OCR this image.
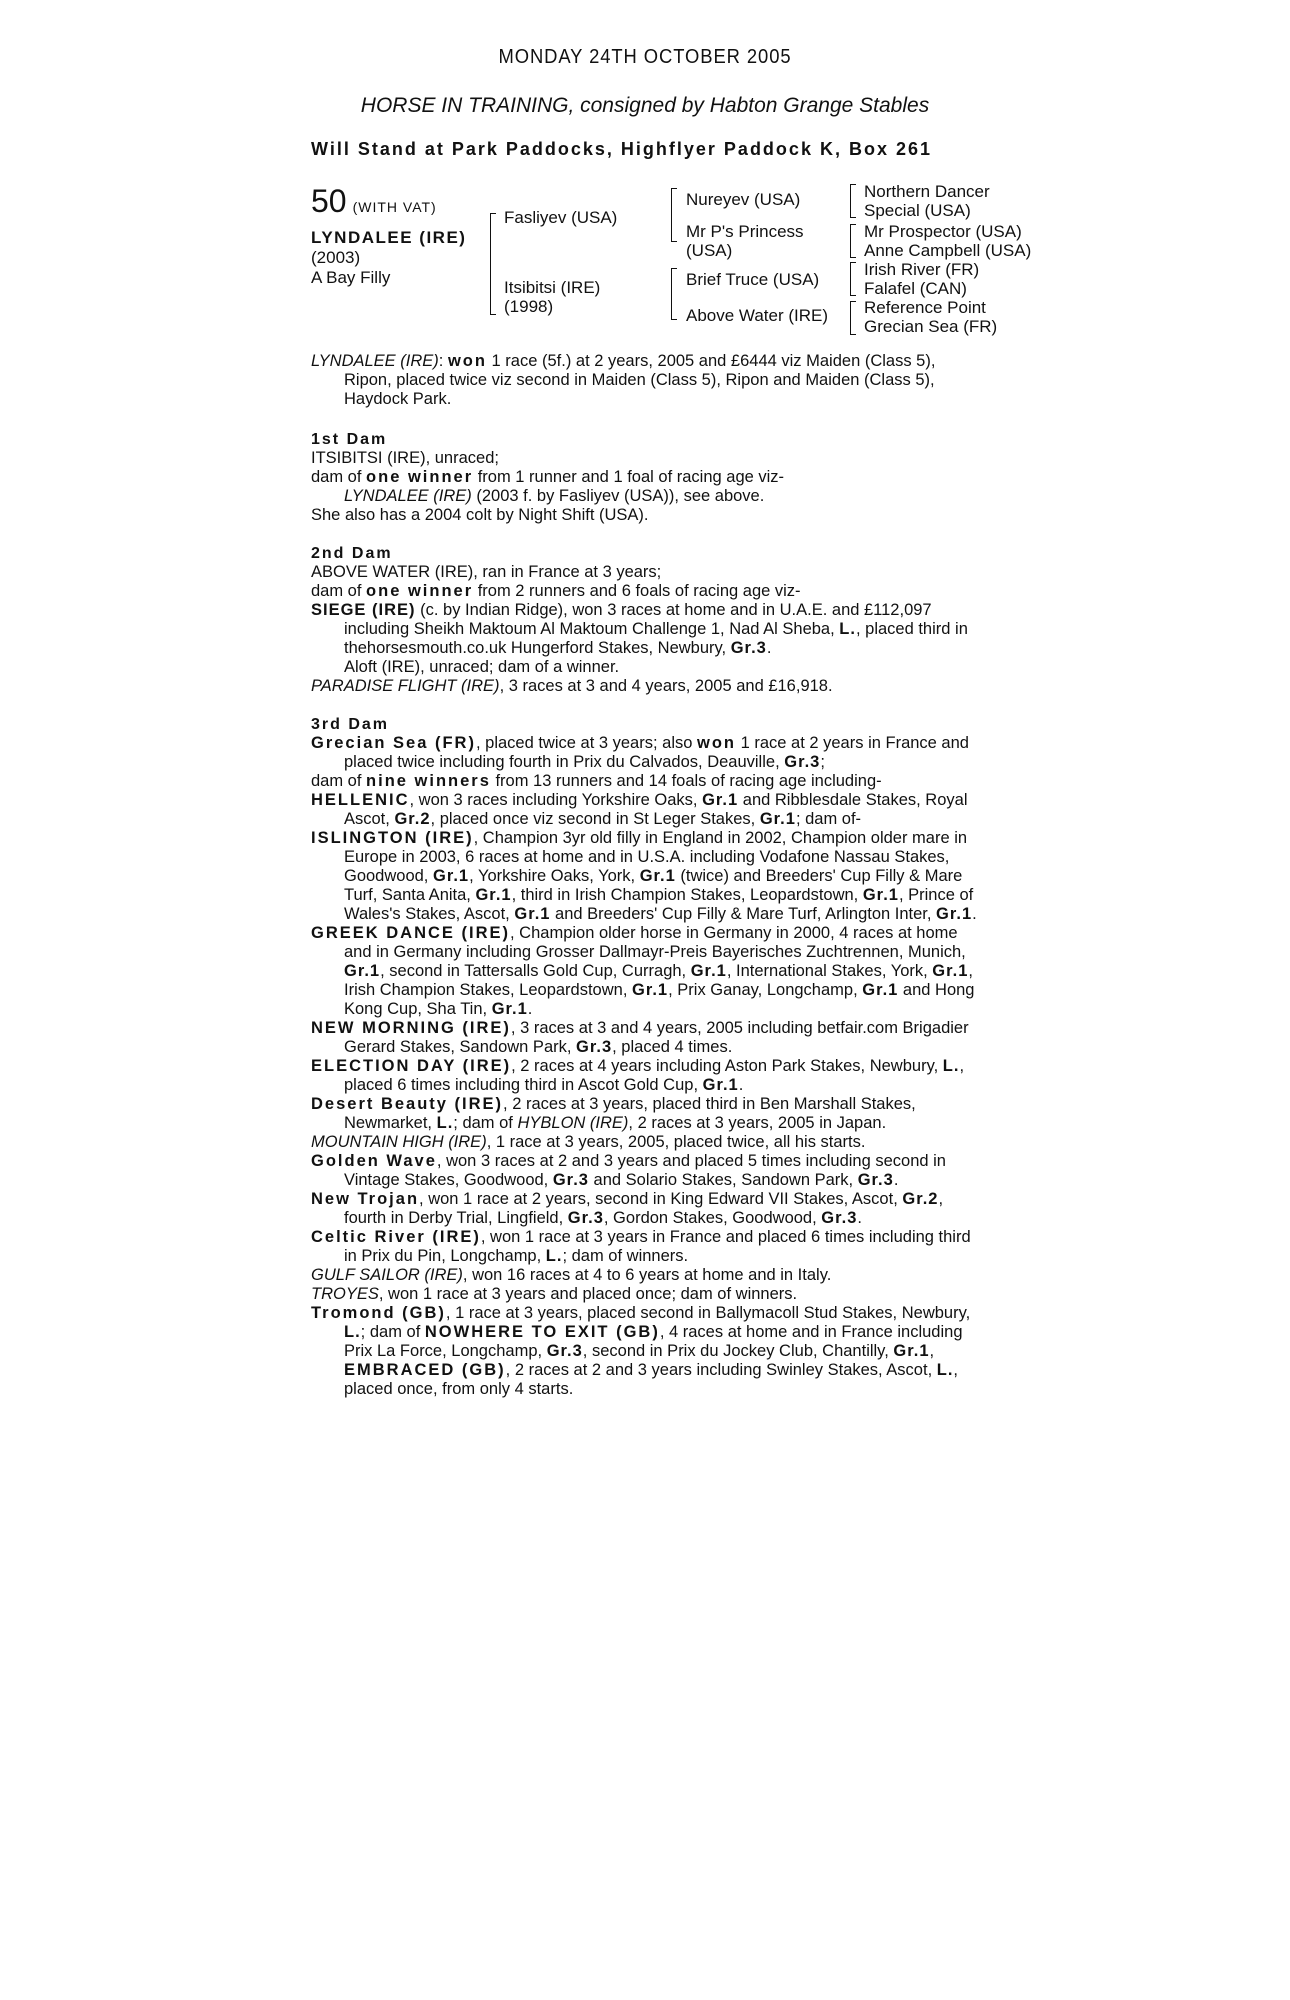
MONDAY 24TH OCTOBER 2005
HORSE IN TRAINING, consigned by Habton Grange Stables
Will Stand at Park Paddocks, Highflyer Paddock K, Box 261
50 (WITH VAT)
LYNDALEE (IRE)
(2003)
A Bay Filly
Fasliyev (USA)
Itsibitsi (IRE)
(1998)
Nureyev (USA)
Mr P's Princess
(USA)
Brief Truce (USA)
Above Water (IRE)
Northern Dancer
Special (USA)
Mr Prospector (USA)
Anne Campbell (USA)
Irish River (FR)
Falafel (CAN)
Reference Point
Grecian Sea (FR)

LYNDALEE (IRE): won 1 race (5f.) at 2 years, 2005 and £6444 viz Maiden (Class 5), Ripon, placed twice viz second in Maiden (Class 5), Ripon and Maiden (Class 5), Haydock Park.

1st Dam

ITSIBITSI (IRE), unraced;

dam of one winner from 1 runner and 1 foal of racing age viz-

LYNDALEE (IRE) (2003 f. by Fasliyev (USA)), see above.

She also has a 2004 colt by Night Shift (USA).

2nd Dam

ABOVE WATER (IRE), ran in France at 3 years;

dam of one winner from 2 runners and 6 foals of racing age viz-

SIEGE (IRE) (c. by Indian Ridge), won 3 races at home and in U.A.E. and £112,097 including Sheikh Maktoum Al Maktoum Challenge 1, Nad Al Sheba, L., placed third in thehorsesmouth.co.uk Hungerford Stakes, Newbury, Gr.3.

Aloft (IRE), unraced; dam of a winner.

PARADISE FLIGHT (IRE), 3 races at 3 and 4 years, 2005 and £16,918.

3rd Dam

Grecian Sea (FR), placed twice at 3 years; also won 1 race at 2 years in France and placed twice including fourth in Prix du Calvados, Deauville, Gr.3;

dam of nine winners from 13 runners and 14 foals of racing age including-

HELLENIC, won 3 races including Yorkshire Oaks, Gr.1 and Ribblesdale Stakes, Royal Ascot, Gr.2, placed once viz second in St Leger Stakes, Gr.1; dam of-

ISLINGTON (IRE), Champion 3yr old filly in England in 2002, Champion older mare in Europe in 2003, 6 races at home and in U.S.A. including Vodafone Nassau Stakes, Goodwood, Gr.1, Yorkshire Oaks, York, Gr.1 (twice) and Breeders' Cup Filly & Mare Turf, Santa Anita, Gr.1, third in Irish Champion Stakes, Leopardstown, Gr.1, Prince of Wales's Stakes, Ascot, Gr.1 and Breeders' Cup Filly & Mare Turf, Arlington Inter, Gr.1.

GREEK DANCE (IRE), Champion older horse in Germany in 2000, 4 races at home and in Germany including Grosser Dallmayr-Preis Bayerisches Zuchtrennen, Munich, Gr.1, second in Tattersalls Gold Cup, Curragh, Gr.1, International Stakes, York, Gr.1, Irish Champion Stakes, Leopardstown, Gr.1, Prix Ganay, Longchamp, Gr.1 and Hong Kong Cup, Sha Tin, Gr.1.

NEW MORNING (IRE), 3 races at 3 and 4 years, 2005 including betfair.com Brigadier Gerard Stakes, Sandown Park, Gr.3, placed 4 times.

ELECTION DAY (IRE), 2 races at 4 years including Aston Park Stakes, Newbury, L., placed 6 times including third in Ascot Gold Cup, Gr.1.

Desert Beauty (IRE), 2 races at 3 years, placed third in Ben Marshall Stakes, Newmarket, L.; dam of HYBLON (IRE), 2 races at 3 years, 2005 in Japan.

MOUNTAIN HIGH (IRE), 1 race at 3 years, 2005, placed twice, all his starts.

Golden Wave, won 3 races at 2 and 3 years and placed 5 times including second in Vintage Stakes, Goodwood, Gr.3 and Solario Stakes, Sandown Park, Gr.3.

New Trojan, won 1 race at 2 years, second in King Edward VII Stakes, Ascot, Gr.2, fourth in Derby Trial, Lingfield, Gr.3, Gordon Stakes, Goodwood, Gr.3.

Celtic River (IRE), won 1 race at 3 years in France and placed 6 times including third in Prix du Pin, Longchamp, L.; dam of winners.

GULF SAILOR (IRE), won 16 races at 4 to 6 years at home and in Italy.

TROYES, won 1 race at 3 years and placed once; dam of winners.

Tromond (GB), 1 race at 3 years, placed second in Ballymacoll Stud Stakes, Newbury, L.; dam of NOWHERE TO EXIT (GB), 4 races at home and in France including Prix La Force, Longchamp, Gr.3, second in Prix du Jockey Club, Chantilly, Gr.1, EMBRACED (GB), 2 races at 2 and 3 years including Swinley Stakes, Ascot, L., placed once, from only 4 starts.
